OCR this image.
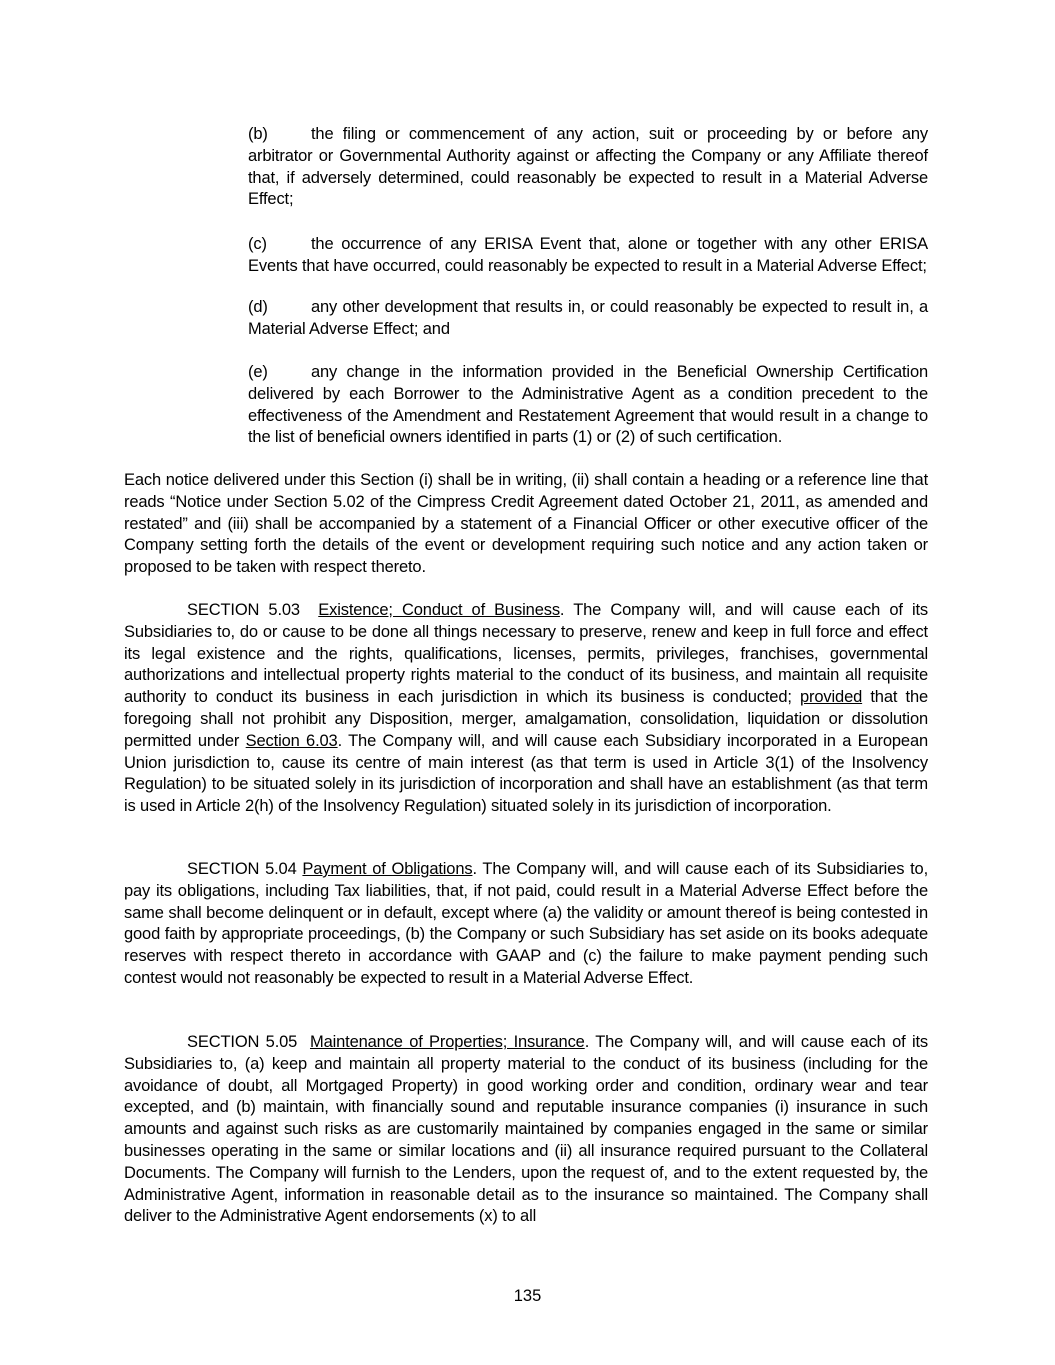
(b)	the filing or commencement of any action, suit or proceeding by or before any arbitrator or Governmental Authority against or affecting the Company or any Affiliate thereof that, if adversely determined, could reasonably be expected to result in a Material Adverse Effect;

(c)	the occurrence of any ERISA Event that, alone or together with any other ERISA Events that have occurred, could reasonably be expected to result in a Material Adverse Effect;

(d)	any other development that results in, or could reasonably be expected to result in, a Material Adverse Effect; and

(e)	any change in the information provided in the Beneficial Ownership Certification delivered by each Borrower to the Administrative Agent as a condition precedent to the effectiveness of the Amendment and Restatement Agreement that would result in a change to the list of beneficial owners identified in parts (1) or (2) of such certification.

Each notice delivered under this Section (i) shall be in writing, (ii) shall contain a heading or a reference line that reads “Notice under Section 5.02 of the Cimpress Credit Agreement dated October 21, 2011, as amended and restated” and (iii) shall be accompanied by a statement of a Financial Officer or other executive officer of the Company setting forth the details of the event or development requiring such notice and any action taken or proposed to be taken with respect thereto.

SECTION 5.03 Existence; Conduct of Business. The Company will, and will cause each of its Subsidiaries to, do or cause to be done all things necessary to preserve, renew and keep in full force and effect its legal existence and the rights, qualifications, licenses, permits, privileges, franchises, governmental authorizations and intellectual property rights material to the conduct of its business, and maintain all requisite authority to conduct its business in each jurisdiction in which its business is conducted; provided that the foregoing shall not prohibit any Disposition, merger, amalgamation, consolidation, liquidation or dissolution permitted under Section 6.03. The Company will, and will cause each Subsidiary incorporated in a European Union jurisdiction to, cause its centre of main interest (as that term is used in Article 3(1) of the Insolvency Regulation) to be situated solely in its jurisdiction of incorporation and shall have an establishment (as that term is used in Article 2(h) of the Insolvency Regulation) situated solely in its jurisdiction of incorporation.

SECTION 5.04 Payment of Obligations. The Company will, and will cause each of its Subsidiaries to, pay its obligations, including Tax liabilities, that, if not paid, could result in a Material Adverse Effect before the same shall become delinquent or in default, except where (a) the validity or amount thereof is being contested in good faith by appropriate proceedings, (b) the Company or such Subsidiary has set aside on its books adequate reserves with respect thereto in accordance with GAAP and (c) the failure to make payment pending such contest would not reasonably be expected to result in a Material Adverse Effect.

SECTION 5.05 Maintenance of Properties; Insurance. The Company will, and will cause each of its Subsidiaries to, (a) keep and maintain all property material to the conduct of its business (including for the avoidance of doubt, all Mortgaged Property) in good working order and condition, ordinary wear and tear excepted, and (b) maintain, with financially sound and reputable insurance companies (i) insurance in such amounts and against such risks as are customarily maintained by companies engaged in the same or similar businesses operating in the same or similar locations and (ii) all insurance required pursuant to the Collateral Documents. The Company will furnish to the Lenders, upon the request of, and to the extent requested by, the Administrative Agent, information in reasonable detail as to the insurance so maintained. The Company shall deliver to the Administrative Agent endorsements (x) to all

135
